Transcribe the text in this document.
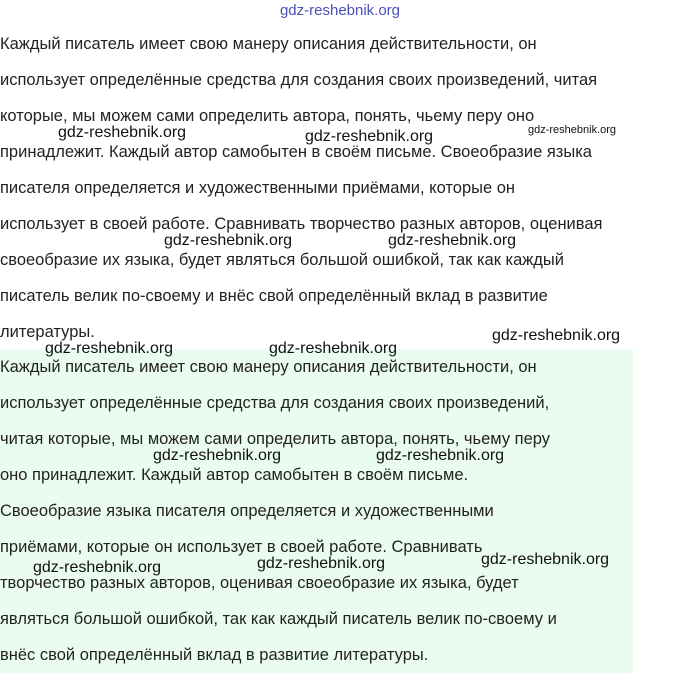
gdz-reshebnik.org
Каждый писатель имеет свою манеру описания действительности, он
использует определённые средства для создания своих произведений, читая
которые, мы можем сами определить автора, понять, чьему перу оно
принадлежит. Каждый автор самобытен в своём письме. Своеобразие языка
писателя определяется и художественными приёмами, которые он
использует в своей работе. Сравнивать творчество разных авторов, оценивая
своеобразие их языка, будет являться большой ошибкой, так как каждый
писатель велик по-своему и внёс свой определённый вклад в развитие
литературы.
Каждый писатель имеет свою манеру описания действительности, он
использует определённые средства для создания своих произведений,
читая которые, мы можем сами определить автора, понять, чьему перу
оно принадлежит. Каждый автор самобытен в своём письме.
Своеобразие языка писателя определяется и художественными
приёмами, которые он использует в своей работе. Сравнивать
творчество разных авторов, оценивая своеобразие их языка, будет
являться большой ошибкой, так как каждый писатель велик по-своему и
внёс свой определённый вклад в развитие литературы.
gdz-reshebnik.org	gdz-reshebnik.org	gdz-reshebnik.org
gdz-reshebnik.org	gdz-reshebnik.org
gdz-reshebnik.org
gdz-reshebnik.org	gdz-reshebnik.org
gdz-reshebnik.org	gdz-reshebnik.org
gdz-reshebnik.org
gdz-reshebnik.org	gdz-reshebnik.org
